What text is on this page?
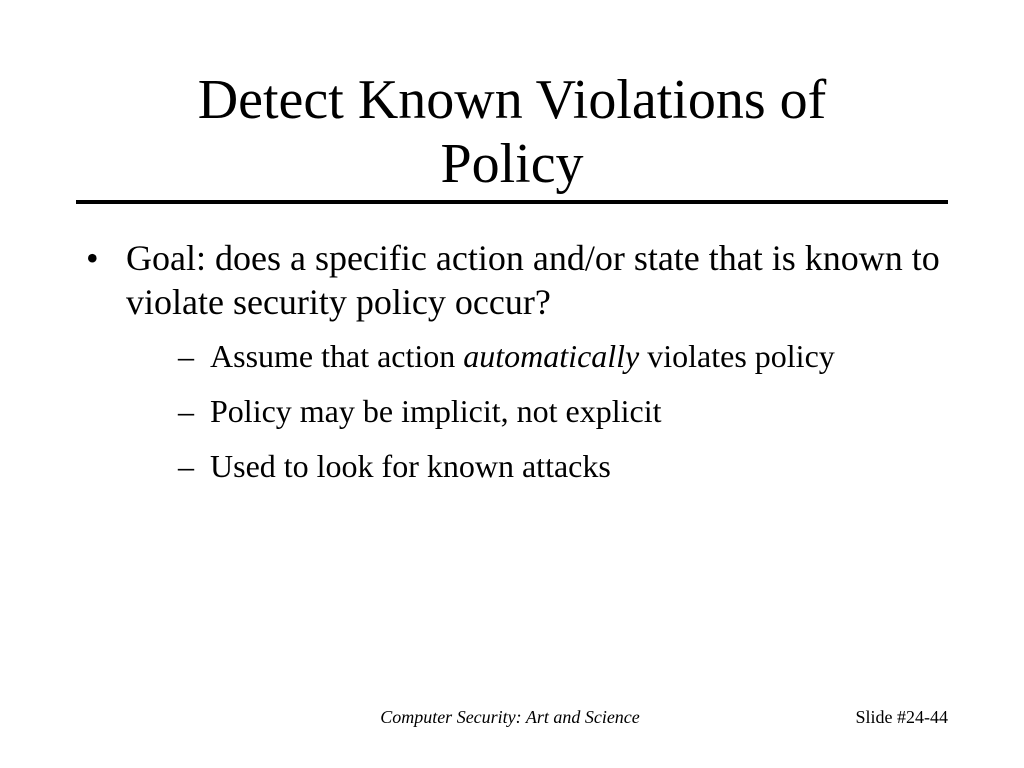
Detect Known Violations of
Policy
• Goal: does a specific action and/or state that is known to violate security policy occur?
– Assume that action automatically violates policy
– Policy may be implicit, not explicit
– Used to look for known attacks
Computer Security: Art and Science	Slide #24-44
